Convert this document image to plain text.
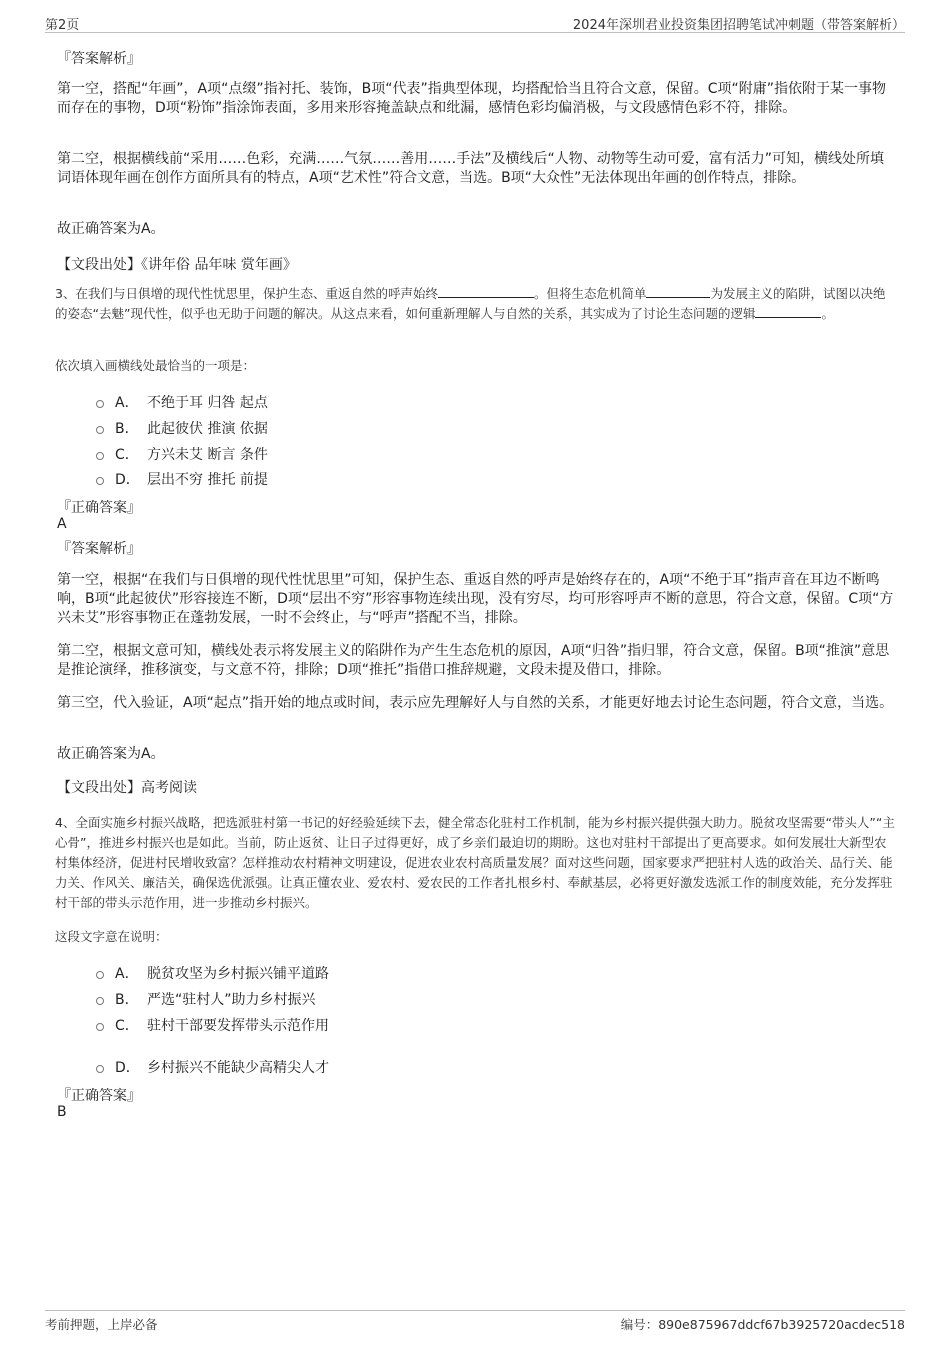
第2页	2024年深圳君业投资集团招聘笔试冲刺题（带答案解析）
『答案解析』

第一空，搭配“年画”，A项“点缀”指衬托、装饰，B项“代表”指典型体现，均搭配恰当且符合文意，保留。C项“附庸”指依附于某一事物而存在的事物，D项“粉饰”指涂饰表面，多用来形容掩盖缺点和纰漏，感情色彩均偏消极，与文段感情色彩不符，排除。

第二空，根据横线前“采用……色彩，充满……气氛……善用……手法”及横线后“人物、动物等生动可爱，富有活力”可知，横线处所填词语体现年画在创作方面所具有的特点，A项“艺术性”符合文意，当选。B项“大众性”无法体现出年画的创作特点，排除。

故正确答案为A。

【文段出处】《讲年俗 品年味 赏年画》

3、在我们与日俱增的现代性忧思里，保护生态、重返自然的呼声始终	。但将生态危机简单	为发展主义的陷阱，试图以决绝的姿态“去魅”现代性，似乎也无助于问题的解决。从这点来看，如何重新理解人与自然的关系，其实成为了讨论生态问题的逻辑	。

依次填入画横线处最恰当的一项是：

A． 不绝于耳 归咎 起点
B． 此起彼伏 推演 依据
C． 方兴未艾 断言 条件
D． 层出不穷 推托 前提
『正确答案』
A
『答案解析』

第一空，根据“在我们与日俱增的现代性忧思里”可知，保护生态、重返自然的呼声是始终存在的，A项“不绝于耳”指声音在耳边不断鸣响，B项“此起彼伏”形容接连不断，D项“层出不穷”形容事物连续出现，没有穷尽，均可形容呼声不断的意思，符合文意，保留。C项“方兴未艾”形容事物正在蓬勃发展，一时不会终止，与“呼声”搭配不当，排除。

第二空，根据文意可知，横线处表示将发展主义的陷阱作为产生生态危机的原因，A项“归咎”指归罪，符合文意，保留。B项“推演”意思是推论演绎，推移演变，与文意不符，排除；D项“推托”指借口推辞规避，文段未提及借口，排除。

第三空，代入验证，A项“起点”指开始的地点或时间，表示应先理解好人与自然的关系，才能更好地去讨论生态问题，符合文意，当选。

故正确答案为A。

【文段出处】高考阅读

4、全面实施乡村振兴战略，把选派驻村第一书记的好经验延续下去，健全常态化驻村工作机制，能为乡村振兴提供强大助力。脱贫攻坚需要“带头人”“主心骨”，推进乡村振兴也是如此。当前，防止返贫、让日子过得更好，成了乡亲们最迫切的期盼。这也对驻村干部提出了更高要求。如何发展壮大新型农村集体经济，促进村民增收致富？怎样推动农村精神文明建设，促进农业农村高质量发展？面对这些问题，国家要求严把驻村人选的政治关、品行关、能力关、作风关、廉洁关，确保选优派强。让真正懂农业、爱农村、爱农民的工作者扎根乡村、奉献基层，必将更好激发选派工作的制度效能，充分发挥驻村干部的带头示范作用，进一步推动乡村振兴。

这段文字意在说明：

A． 脱贫攻坚为乡村振兴铺平道路
B． 严选“驻村人”助力乡村振兴
C． 驻村干部要发挥带头示范作用
D． 乡村振兴不能缺少高精尖人才
『正确答案』
B
考前押题，上岸必备	编号：890e875967ddcf67b3925720acdec518
